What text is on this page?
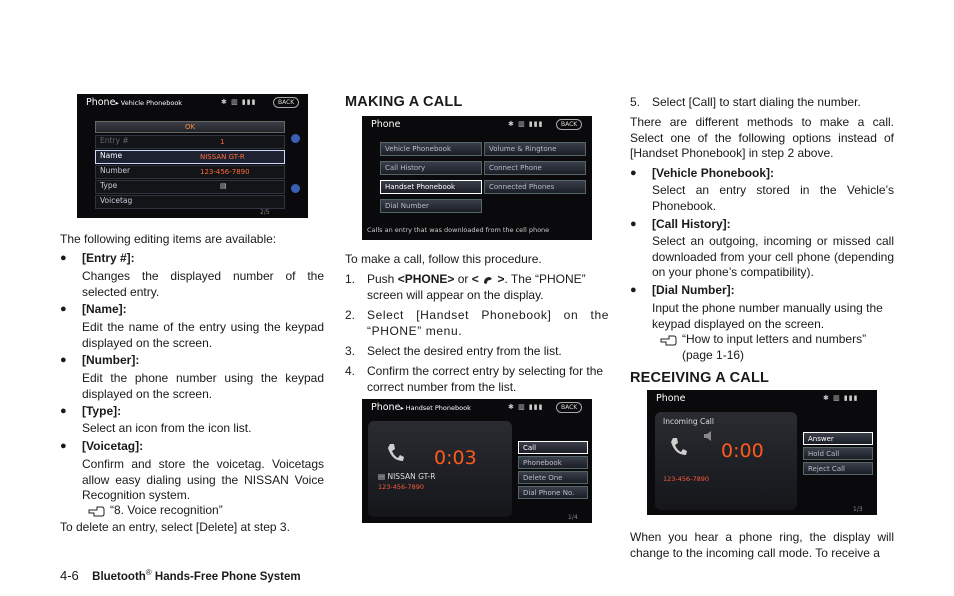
Phone▸ Vehicle Phonebook	✱ ▥ ▮▮▮	BACK
OK
Entry #	1
Name	NISSAN GT-R
Number	123-456-7890
Type	▤
Voicetag
2/5
The following editing items are available:
● [Entry #]:
Changes the displayed number of the selected entry.
● [Name]:
Edit the name of the entry using the keypad displayed on the screen.
● [Number]:
Edit the phone number using the keypad displayed on the screen.
● [Type]:
Select an icon from the icon list.
● [Voicetag]:
Confirm and store the voicetag. Voicetags allow easy dialing using the NISSAN Voice Recognition system.
“8. Voice recognition”
To delete an entry, select [Delete] at step 3.
MAKING A CALL
Phone	✱ ▥ ▮▮▮	BACK
Vehicle Phonebook
Call History
Handset Phonebook
Dial Number
Volume & Ringtone
Connect Phone
Connected Phones
Calls an entry that was downloaded from the cell phone
To make a call, follow this procedure.
1. Push <PHONE> or < >. The “PHONE” screen will appear on the display.
2. Select [Handset Phonebook] on the “PHONE” menu.
3. Select the desired entry from the list.
4. Confirm the correct entry by selecting for the correct number from the list.
Phone▸ Handset Phonebook	✱ ▥ ▮▮▮	BACK
0:03
▤ NISSAN GT-R
123-456-7890
Call
Phonebook
Delete One
Dial Phone No.
1/4
5. Select [Call] to start dialing the number.
There are different methods to make a call. Select one of the following options instead of [Handset Phonebook] in step 2 above.
● [Vehicle Phonebook]:
Select an entry stored in the Vehicle’s Phonebook.
● [Call History]:
Select an outgoing, incoming or missed call downloaded from your cell phone (depending on your phone’s compatibility).
● [Dial Number]:
Input the phone number manually using the keypad displayed on the screen.
“How to input letters and numbers” (page 1-16)
RECEIVING A CALL
Phone	✱ ▥ ▮▮▮
Incoming Call
0:00
123-456-7890
Answer
Hold Call
Reject Call
1/3
When you hear a phone ring, the display will change to the incoming call mode. To receive a
4-6 Bluetooth® Hands-Free Phone System
